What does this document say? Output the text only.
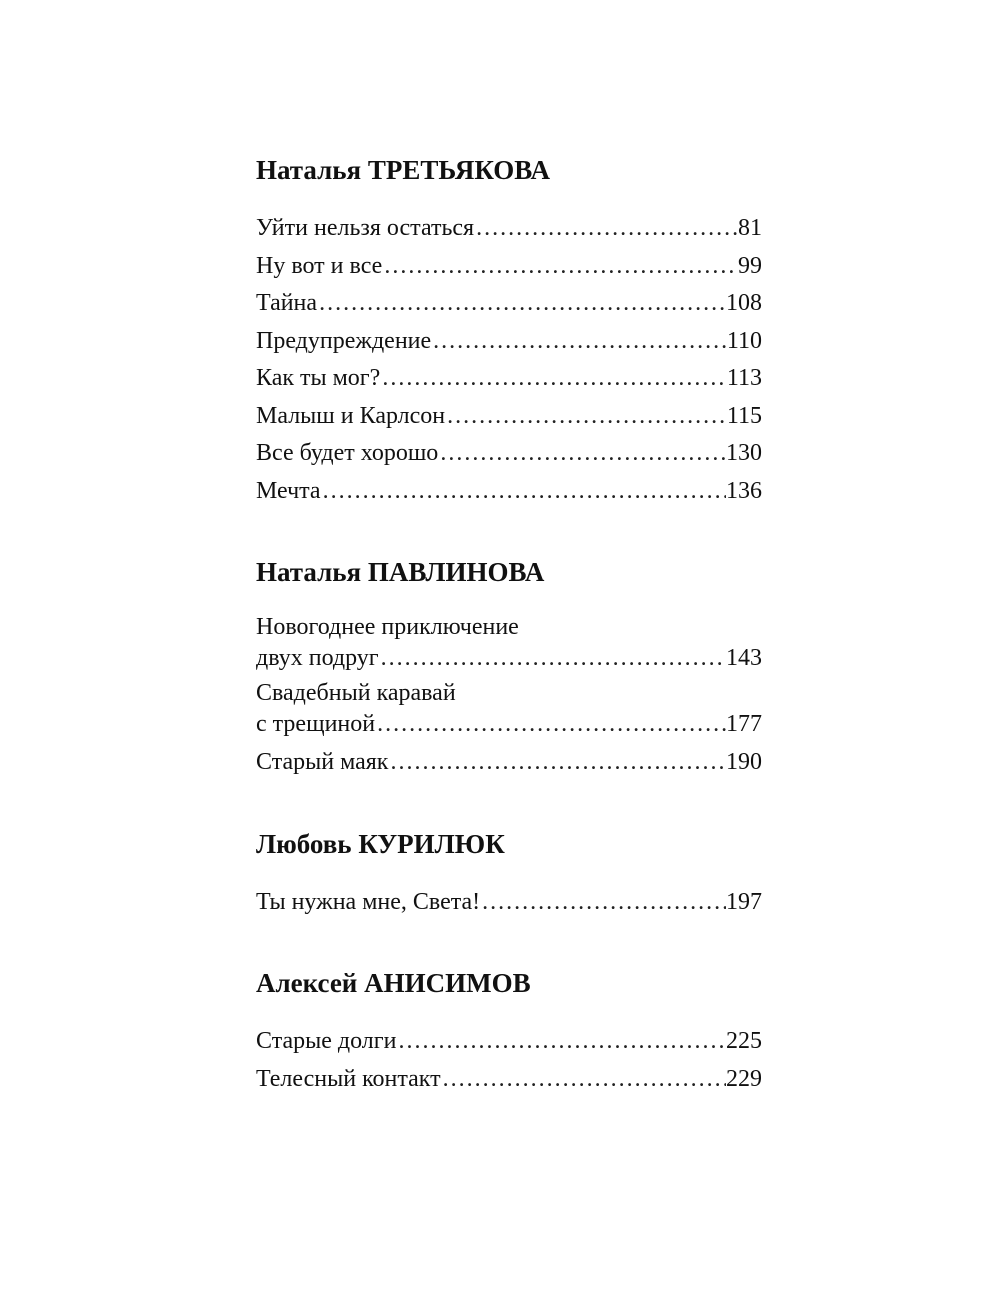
Наталья ТРЕТЬЯКОВА
Уйти нельзя остаться . . .	81
Ну вот и все . . .	99
Тайна . . .	108
Предупреждение . . .	110
Как ты мог? . . .	113
Малыш и Карлсон . . .	115
Все будет хорошо . . .	130
Мечта . . .	136
Наталья ПАВЛИНОВА
Новогоднее приключение
двух подруг . . .	143
Свадебный каравай
с трещиной . . .	177
Старый маяк . . .	190
Любовь КУРИЛЮК
Ты нужна мне, Света! . . .	197
Алексей АНИСИМОВ
Старые долги . . .	225
Телесный контакт . . .	229
